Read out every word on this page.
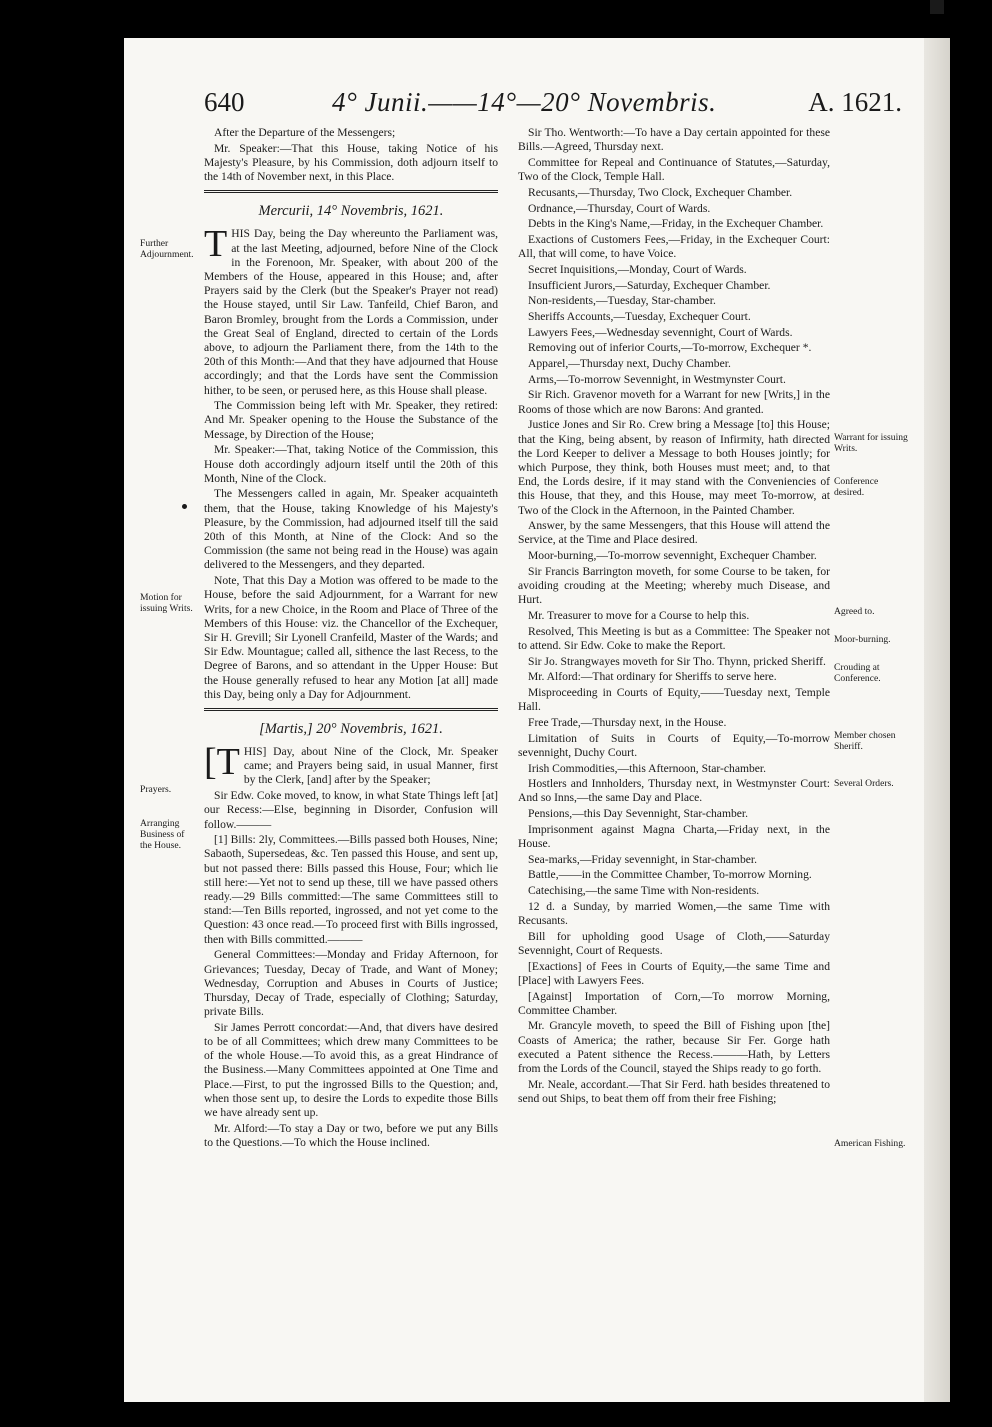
640	4° Junii.——14°—20° Novembris.	A. 1621.
Further Adjournment.
Motion for issuing Writs.
Prayers.
Arranging Business of the House.

After the Departure of the Messengers;

Mr. Speaker:—That this House, taking Notice of his Majesty's Pleasure, by his Commission, doth adjourn itself to the 14th of November next, in this Place.

Mercurii, 14° Novembris, 1621.

THIS Day, being the Day whereunto the Parliament was, at the last Meeting, adjourned, before Nine of the Clock in the Forenoon, Mr. Speaker, with about 200 of the Members of the House, appeared in this House; and, after Prayers said by the Clerk (but the Speaker's Prayer not read) the House stayed, until Sir Law. Tanfeild, Chief Baron, and Baron Bromley, brought from the Lords a Commission, under the Great Seal of England, directed to certain of the Lords above, to adjourn the Parliament there, from the 14th to the 20th of this Month:—And that they have adjourned that House accordingly; and that the Lords have sent the Commission hither, to be seen, or perused here, as this House shall please.

The Commission being left with Mr. Speaker, they retired: And Mr. Speaker opening to the House the Substance of the Message, by Direction of the House;

Mr. Speaker:—That, taking Notice of the Commission, this House doth accordingly adjourn itself until the 20th of this Month, Nine of the Clock.

The Messengers called in again, Mr. Speaker acquainteth them, that the House, taking Knowledge of his Majesty's Pleasure, by the Commission, had adjourned itself till the said 20th of this Month, at Nine of the Clock: And so the Commission (the same not being read in the House) was again delivered to the Messengers, and they departed.

Note, That this Day a Motion was offered to be made to the House, before the said Adjournment, for a Warrant for new Writs, for a new Choice, in the Room and Place of Three of the Members of this House: viz. the Chancellor of the Exchequer, Sir H. Grevill; Sir Lyonell Cranfeild, Master of the Wards; and Sir Edw. Mountague; called all, sithence the last Recess, to the Degree of Barons, and so attendant in the Upper House: But the House generally refused to hear any Motion [at all] made this Day, being only a Day for Adjournment.

[Martis,] 20° Novembris, 1621.

[THIS] Day, about Nine of the Clock, Mr. Speaker came; and Prayers being said, in usual Manner, first by the Clerk, [and] after by the Speaker;

Sir Edw. Coke moved, to know, in what State Things left [at] our Recess:—Else, beginning in Disorder, Confusion will follow.———

[1] Bills: 2ly, Committees.—Bills passed both Houses, Nine; Sabaoth, Supersedeas, &c. Ten passed this House, and sent up, but not passed there: Bills passed this House, Four; which lie still here:—Yet not to send up these, till we have passed others ready.—29 Bills committed:—The same Committees still to stand:—Ten Bills reported, ingrossed, and not yet come to the Question: 43 once read.—To proceed first with Bills ingrossed, then with Bills committed.———

General Committees:—Monday and Friday Afternoon, for Grievances; Tuesday, Decay of Trade, and Want of Money; Wednesday, Corruption and Abuses in Courts of Justice; Thursday, Decay of Trade, especially of Clothing; Saturday, private Bills.

Sir James Perrott concordat:—And, that divers have desired to be of all Committees; which drew many Committees to be of the whole House.—To avoid this, as a great Hindrance of the Business.—Many Committees appointed at One Time and Place.—First, to put the ingrossed Bills to the Question; and, when those sent up, to desire the Lords to expedite those Bills we have already sent up.

Mr. Alford:—To stay a Day or two, before we put any Bills to the Questions.—To which the House inclined.

Sir Tho. Wentworth:—To have a Day certain appointed for these Bills.—Agreed, Thursday next.

Committee for Repeal and Continuance of Statutes,—Saturday, Two of the Clock, Temple Hall.

Recusants,—Thursday, Two Clock, Exchequer Chamber.

Ordnance,—Thursday, Court of Wards.

Debts in the King's Name,—Friday, in the Exchequer Chamber.

Exactions of Customers Fees,—Friday, in the Exchequer Court: All, that will come, to have Voice.

Secret Inquisitions,—Monday, Court of Wards.

Insufficient Jurors,—Saturday, Exchequer Chamber.

Non-residents,—Tuesday, Star-chamber.

Sheriffs Accounts,—Tuesday, Exchequer Court.

Lawyers Fees,—Wednesday sevennight, Court of Wards.

Removing out of inferior Courts,—To-morrow, Exchequer *.

Apparel,—Thursday next, Duchy Chamber.

Arms,—To-morrow Sevennight, in Westmynster Court.

Sir Rich. Gravenor moveth for a Warrant for new [Writs,] in the Rooms of those which are now Barons: And granted.

Justice Jones and Sir Ro. Crew bring a Message [to] this House; that the King, being absent, by reason of Infirmity, hath directed the Lord Keeper to deliver a Message to both Houses jointly; for which Purpose, they think, both Houses must meet; and, to that End, the Lords desire, if it may stand with the Conveniencies of this House, that they, and this House, may meet To-morrow, at Two of the Clock in the Afternoon, in the Painted Chamber.

Answer, by the same Messengers, that this House will attend the Service, at the Time and Place desired.

Moor-burning,—To-morrow sevennight, Exchequer Chamber.

Sir Francis Barrington moveth, for some Course to be taken, for avoiding crouding at the Meeting; whereby much Disease, and Hurt.

Mr. Treasurer to move for a Course to help this.

Resolved, This Meeting is but as a Committee: The Speaker not to attend. Sir Edw. Coke to make the Report.

Sir Jo. Strangwayes moveth for Sir Tho. Thynn, pricked Sheriff.

Mr. Alford:—That ordinary for Sheriffs to serve here.

Misproceeding in Courts of Equity,——Tuesday next, Temple Hall.

Free Trade,—Thursday next, in the House.

Limitation of Suits in Courts of Equity,—To-morrow sevennight, Duchy Court.

Irish Commodities,—this Afternoon, Star-chamber.

Hostlers and Innholders, Thursday next, in Westmynster Court: And so Inns,—the same Day and Place.

Pensions,—this Day Sevennight, Star-chamber.

Imprisonment against Magna Charta,—Friday next, in the House.

Sea-marks,—Friday sevennight, in Star-chamber.

Battle,——in the Committee Chamber, To-morrow Morning.

Catechising,—the same Time with Non-residents.

12 d. a Sunday, by married Women,—the same Time with Recusants.

Bill for upholding good Usage of Cloth,——Saturday Sevennight, Court of Requests.

[Exactions] of Fees in Courts of Equity,—the same Time and [Place] with Lawyers Fees.

[Against] Importation of Corn,—To morrow Morning, Committee Chamber.

Mr. Grancyle moveth, to speed the Bill of Fishing upon [the] Coasts of America; the rather, because Sir Fer. Gorge hath executed a Patent sithence the Recess.———Hath, by Letters from the Lords of the Council, stayed the Ships ready to go forth.

Mr. Neale, accordant.—That Sir Ferd. hath besides threatened to send out Ships, to beat them off from their free Fishing;

Warrant for issuing Writs.
Conference desired.
Agreed to.
Moor-burning.
Crouding at Conference.
Member chosen Sheriff.
Several Orders.
American Fishing.
